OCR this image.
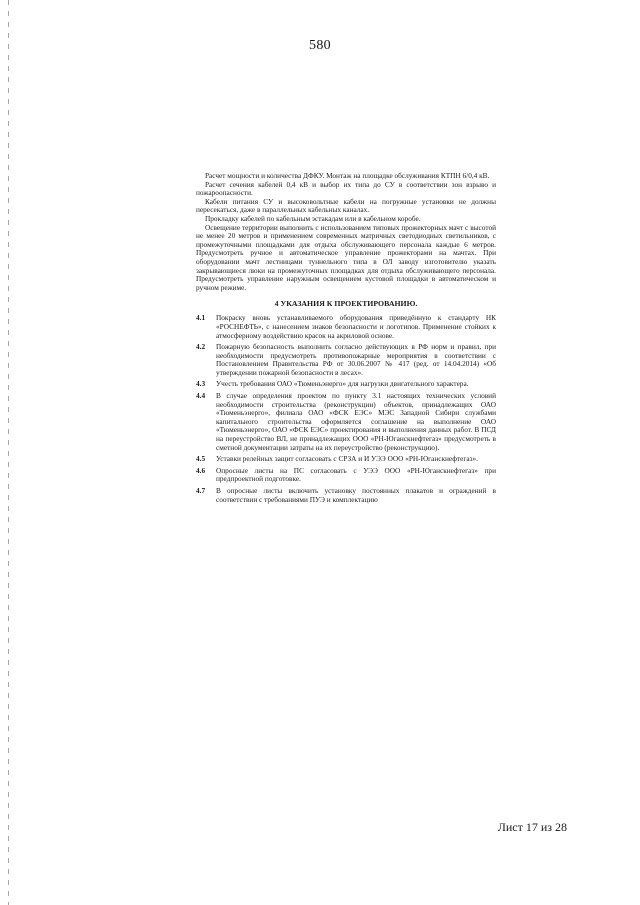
580

Расчет мощности и количества ДФКУ. Монтаж на площадке обслуживания КТПН 6/0,4 кВ.

Расчет сечения кабелей 0,4 кВ и выбор их типа до СУ в соответствии зон взрыво и пожароопасности.

Кабели питания СУ и высоковольтные кабели на погружные установки не должны пересекаться, даже в параллельных кабельных каналах.

Прокладку кабелей по кабельным эстакадам или в кабельном коробе.

Освещение территории выполнить с использованием типовых прожекторных мачт с высотой не менее 20 метров и применением современных матричных светодиодных светильников, с промежуточными площадками для отдыха обслуживающего персонала каждые 6 метров. Предусмотреть ручное и автоматическое управление прожекторами на мачтах. При оборудовании мачт лестницами туннельного типа в ОЛ заводу изготовителю указать закрывающиеся люки на промежуточных площадках для отдыха обслуживающего персонала. Предусмотреть управление наружным освещением кустовой площадки в автоматическом и ручном режиме.

4 УКАЗАНИЯ К ПРОЕКТИРОВАНИЮ.
4.1 Покраску вновь устанавливаемого оборудования приведённую к стандарту НК «РОСНЕФТЬ», с нанесением знаков безопасности и логотипов. Применение стойких к атмосферному воздействию красок на акриловой основе.
4.2 Пожарную безопасность выполнить согласно действующих в РФ норм и правил, при необходимости предусмотреть противопожарные мероприятия в соответствии с Постановлением Правительства РФ от 30.06.2007 № 417 (ред. от 14.04.2014) «Об утверждении пожарной безопасности в лесах».
4.3 Учесть требования ОАО «Тюменьэнерго» для нагрузки двигательного характера.
4.4 В случае определения проектом по пункту 3.1 настоящих технических условий необходимости строительства (реконструкции) объектов, принадлежащих ОАО «Тюменьэнерго», филиала ОАО «ФСК ЕЭС» МЭС Западной Сибири службами капитального строительства оформляется соглашение на выполнение ОАО «Тюменьэнерго», ОАО «ФСК ЕЭС» проектирования и выполнения данных работ. В ПСД на переустройство ВЛ, не принадлежащих ООО «РН-Юганскнефтегаз» предусмотреть в сметной документации затраты на их переустройство (реконструкцию).
4.5 Уставки релейных защит согласовать с СРЗА и И УЭЭ ООО «РН-Юганскнефтегаз».
4.6 Опросные листы на ПС согласовать с УЭЭ ООО «РН-Юганскнефтегаз» при предпроектной подготовке.
4.7 В опросные листы включить установку постоянных плакатов и ограждений в соответствии с требованиями ПУЭ и комплектацию
Лист 17 из 28
